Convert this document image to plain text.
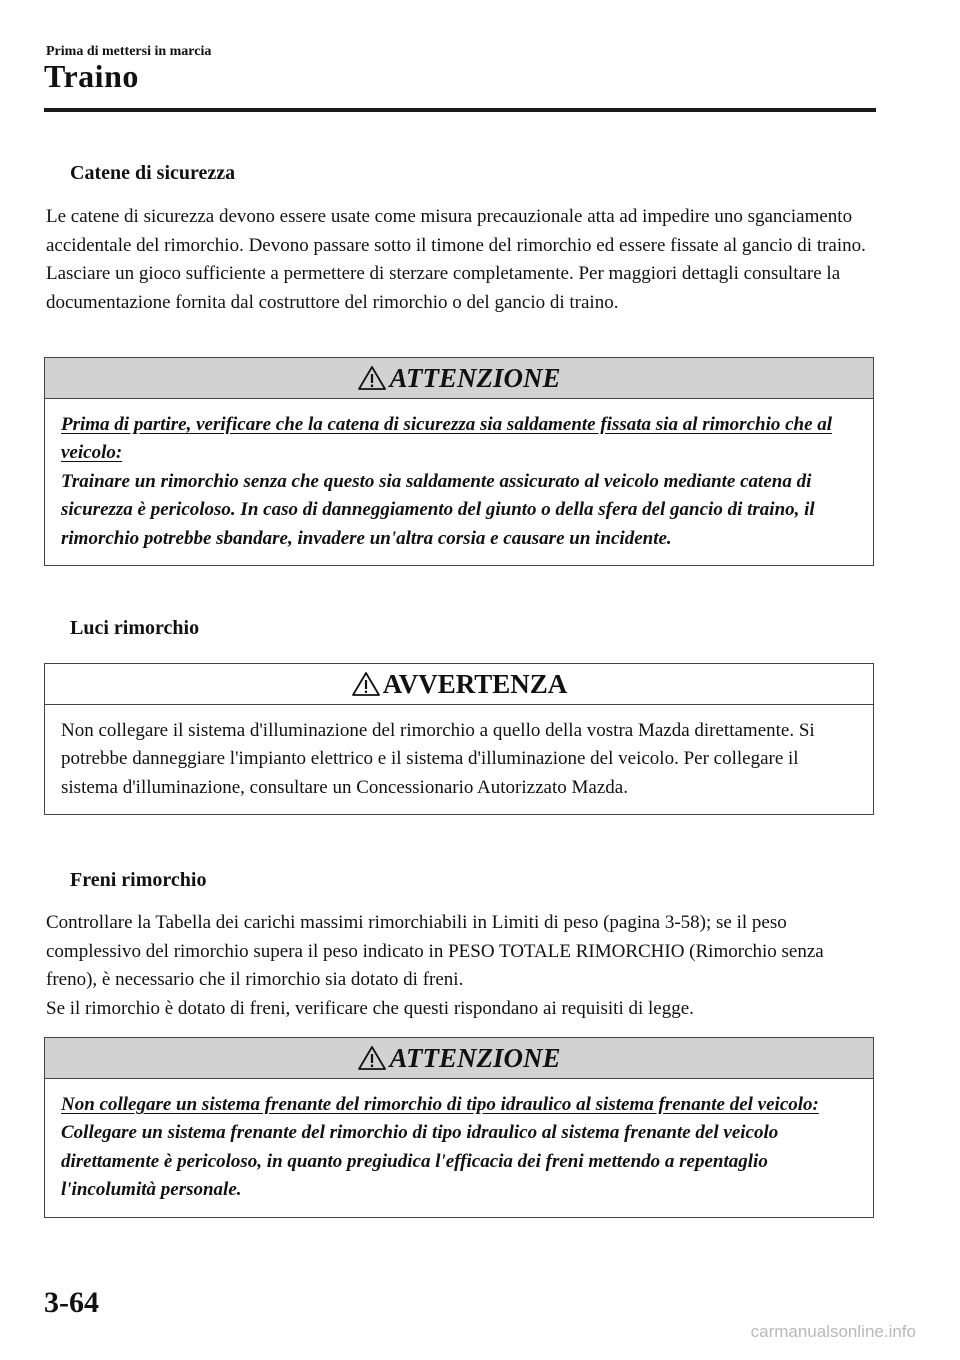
Prima di mettersi in marcia
Traino
Catene di sicurezza

Le catene di sicurezza devono essere usate come misura precauzionale atta ad impedire uno sganciamento accidentale del rimorchio. Devono passare sotto il timone del rimorchio ed essere fissate al gancio di traino. Lasciare un gioco sufficiente a permettere di sterzare completamente. Per maggiori dettagli consultare la documentazione fornita dal costruttore del rimorchio o del gancio di traino.

ATTENZIONE

Prima di partire, verificare che la catena di sicurezza sia saldamente fissata sia al rimorchio che al veicolo:

Trainare un rimorchio senza che questo sia saldamente assicurato al veicolo mediante catena di sicurezza è pericoloso. In caso di danneggiamento del giunto o della sfera del gancio di traino, il rimorchio potrebbe sbandare, invadere un'altra corsia e causare un incidente.

Luci rimorchio
AVVERTENZA

Non collegare il sistema d'illuminazione del rimorchio a quello della vostra Mazda direttamente. Si potrebbe danneggiare l'impianto elettrico e il sistema d'illuminazione del veicolo. Per collegare il sistema d'illuminazione, consultare un Concessionario Autorizzato Mazda.

Freni rimorchio

Controllare la Tabella dei carichi massimi rimorchiabili in Limiti di peso (pagina 3-58); se il peso complessivo del rimorchio supera il peso indicato in PESO TOTALE RIMORCHIO (Rimorchio senza freno), è necessario che il rimorchio sia dotato di freni.

Se il rimorchio è dotato di freni, verificare che questi rispondano ai requisiti di legge.

ATTENZIONE

Non collegare un sistema frenante del rimorchio di tipo idraulico al sistema frenante del veicolo:

Collegare un sistema frenante del rimorchio di tipo idraulico al sistema frenante del veicolo direttamente è pericoloso, in quanto pregiudica l'efficacia dei freni mettendo a repentaglio l'incolumità personale.

3-64
carmanualsonline.info
